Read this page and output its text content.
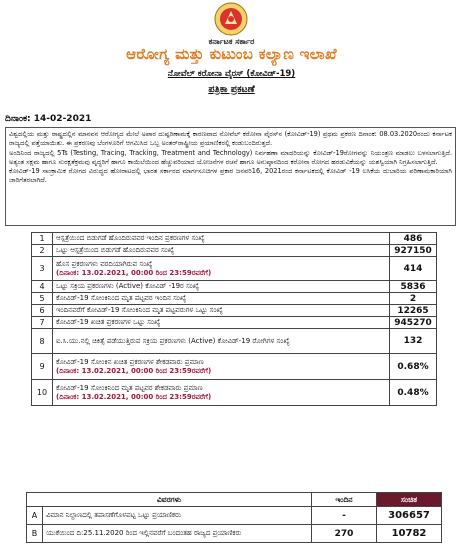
ಕರ್ನಾಟಕ ಸರ್ಕಾರ
ಆರೋಗ್ಯ ಮತ್ತು ಕುಟುಂಬ ಕಲ್ಯಾಣ ಇಲಾಖೆ
ನೋವೆಲ್ ಕರೋನಾ ವೈರಸ್ (ಕೋವಿಡ್-19)
ಪತ್ರಿಕಾ ಪ್ರಕಟಣೆ
ದಿನಾಂಕ: 14-02-2021

ವಿಶ್ವದಲ್ಲಿಯ ಮತ್ತು ರಾಷ್ಟ್ರದಲ್ಲಿನ ಮಾನವನ ಆರೋಗ್ಯದ ಮೇಲೆ ಅಪಾರ ದುಷ್ಪರಿಣಾಮಕ್ಕೆ ಕಾರಣವಾದ ನೋವೆಲ್ ಕರೋನಾ ವೈರಸ್‌ನ (ಕೋವಿಡ್-19) ಪ್ರಥಮ ಪ್ರಕರಣ ದಿನಾಂಕ: 08.03.2020ರಂದು ಕರ್ನಾಟಕ ರಾಜ್ಯದಲ್ಲಿ ಪತ್ತೆಯಾಯಿತು. ಈ ಪ್ರಕರಣವು ಬೆಂಗಳೂರಿಗೆ ಆಗಮಿಸಿದ ಒಬ್ಬ ಅಂತರ್‌ರಾಷ್ಟ್ರೀಯ ಪ್ರಯಾಣಿಕರಲ್ಲಿ ಕಂಡುಬಂದಿರುತ್ತದೆ.

ಅಂದಿನಿಂದ ರಾಜ್ಯದಲ್ಲಿ 5Ts (Testing, Tracing, Tracking, Treatment and Technology) ನಿರ್ವಹಣಾ ಮಾದರಿಯನ್ನು ಕೋವಿಡ್-19ರೋಗವನ್ನು ನಿಯಂತ್ರಣ ಮಾಡಲು ಬಳಸಲಾಗುತ್ತಿದೆ. ಅತ್ಯಂತ ಸಕ್ಷಮ ಹಾಗೂ ಸುರಕ್ಷತೆಕ್ರಮವು ವೃದ್ಧರಿಗೆ ಹಾಗೂ ಕಾಯಿಲೆಯಿಂದ ಹೆಚ್ಚುವರಿಯಾದ ಯೋಜನೆಗಳ ರಚನೆ ಹಾಗೂ ಅನುಷ್ಠಾನದಿಂದ ಕರೋನಾ ರೋಗದ ಹರಡುವಿಕೆಯನ್ನು ಯಶಸ್ವಿಯಾಗಿ ನಿಗ್ರಹಿಸಲಾಗುತ್ತಿದೆ.

ಕೋವಿಡ್-19 ಸಾಂಕ್ರಾಮಿಕ ರೋಗದ ವಿರುದ್ಧದ ಹೋರಾಟದಲ್ಲಿ ಭಾರತ ಸರ್ಕಾರದ ಮಾರ್ಗಸೂಚಿಗಳ ಪ್ರಕಾರ ಜನವರಿ16, 2021ರಂದ ಕರ್ನಾಟಕದಲ್ಲಿ ಕೋವಿಡ್ -19 ಲಸಿಕೆಯ ದುಬಾರಿಯ ಪರಿಣಾಮಕಾರಿಯಾಗಿ ಜಾರಿಗೆತರಲಾಗಿದೆ.

1	ಆಸ್ಪತ್ರೆಯಿಂದ ಬಿಡುಗಡೆ ಹೊಂದಿರುವವರ ಇಂದಿನ ಪ್ರಕರಣಗಳ ಸಂಖ್ಯೆ	486
2	ಒಟ್ಟು ಆಸ್ಪತ್ರೆಯಿಂದ ಬಿಡುಗಡೆ ಹೊಂದಿರುವವರ ಸಂಖ್ಯೆ	927150
3	ಹೊಸ ಪ್ರಕರಣಗಳು ವರದಿಯಾಗಿರುವ ಸಂಖ್ಯೆ
(ದಿನಾಂಕ: 13.02.2021, 00:00 ರಿಂದ 23:59ರವರೆಗೆ)	414
4	ಒಟ್ಟು ಸಕ್ರಿಯ ಪ್ರಕರಣಗಳು (Active) ಕೋವಿಡ್ -19ರ ಸಂಖ್ಯೆ	5836
5	ಕೋವಿಡ್-19 ಸೋಂಕಿನಿಂದ ಮೃತ ಪಟ್ಟವರ ಇಂದಿನ ಸಂಖ್ಯೆ	2
6	ಇಂದಿನವರೆಗೆ ಕೋವಿಡ್-19 ಸೋಂಕಿನಿಂದ ಮೃತ ಪಟ್ಟವರುಗಳ ಒಟ್ಟು ಸಂಖ್ಯೆ	12265
7	ಕೋವಿಡ್-19 ಖಚಿತ ಪ್ರಕರಣಗಳ ಒಟ್ಟು ಸಂಖ್ಯೆ	945270
8	ಐ.ಸಿ.ಯು.ನಲ್ಲಿ ಚಿಕಿತ್ಸೆ ಪಡೆಯುತ್ತಿರುವ ಸಕ್ರಿಯ ಪ್ರಕರಣಗಳು (Active) ಕೋವಿಡ್-19 ರೋಗಿಗಳ ಸಂಖ್ಯೆ	132
9	ಕೋವಿಡ್-19 ಸೋಂಕಿನ ಖಚಿತ ಪ್ರಕರಣಗಳ ಶೇಕಡವಾರು ಪ್ರಮಾಣ
(ದಿನಾಂಕ: 13.02.2021, 00:00 ರಿಂದ 23:59ರವರೆಗೆ)	0.68%
10	ಕೋವಿಡ್-19 ಸೋಂಕಿನಿಂದ ಮೃತ ಪಟ್ಟವರ ಶೇಕಡವಾರು ಪ್ರಮಾಣ
(ದಿನಾಂಕ: 13.02.2021, 00:00 ರಿಂದ 23:59ರವರೆಗೆ)	0.48%
ವಿವರಗಳು		ಇಂದಿನ	ಸಂಚಿತ
A	ವಿಮಾನ ನಿಲ್ದಾಣದಲ್ಲಿ ತಪಾಸಣೆಗೊಳಪಟ್ಟ ಒಟ್ಟು ಪ್ರಯಾಣಿಕರು	-	306657
B	ಯುಕೆಯಿಂದ ದಿ:25.11.2020 ರಿಂದ ಇಲ್ಲಿನವರೆಗೆ ಬಂದಂತಹ ರಾಜ್ಯದ ಪ್ರಯಾಣಿಕರು	270	10782
